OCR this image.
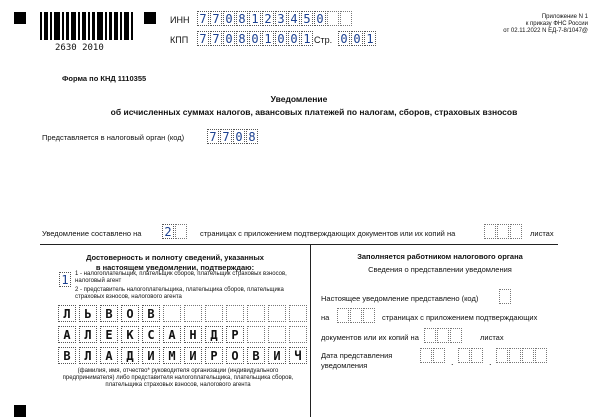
2630 2010
ИНН 7 7 0 8 1 2 3 4 5 0
КПП 7 7 0 8 0 1 0 0 1 Стр. 0 0 1
Приложение N 1
к приказу ФНС России
от 02.11.2022 N ЕД-7-8/1047@
Форма по КНД 1110355
Уведомление
об исчисленных суммах налогов, авансовых платежей по налогам, сборов, страховых взносов
Представляется в налоговый орган (код) 7 7 0 8
Уведомление составлено на 2	страницах с приложением подтверждающих документов или их копий на	листах
Достоверность и полноту сведений, указанных
в настоящем уведомлении, подтверждаю:
1	1 - налогоплательщик, плательщик сборов, плательщик страховых взносов, налоговый агент
2 - представитель налогоплательщика, плательщика сборов, плательщика страховых взносов, налогового агента
Л	Ь	В	О	В
А	Л	Е	К	С	А	Н	Д	Р
В	Л	А	Д	И	М	И	Р	О	В	И	Ч
(фамилия, имя, отчество* руководителя организации (индивидуального предпринимателя) либо представителя налогоплательщика, плательщика сборов, плательщика страховых взносов, налогового агента
Заполняется работником налогового органа
Сведения о представлении уведомления
Настоящее уведомление представлено (код)
на	страницах с приложением подтверждающих
документов или их копий на	листах
Дата представления
уведомления	.	.
